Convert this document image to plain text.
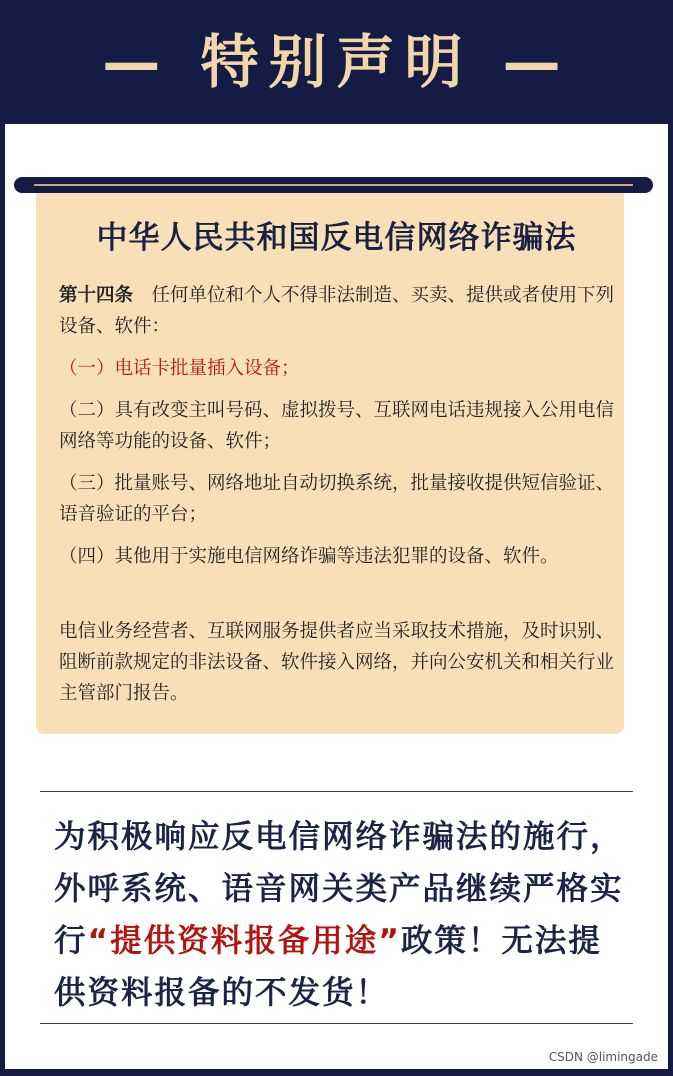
— 特别声明 —
中华人民共和国反电信网络诈骗法

第十四条　 任何单位和个人不得非法制造、买卖、提供或者使用下列设备、软件：

（一）电话卡批量插入设备；

（二）具有改变主叫号码、虚拟拨号、互联网电话违规接入公用电信网络等功能的设备、软件；

（三）批量账号、网络地址自动切换系统，批量接收提供短信验证、语音验证的平台；

（四）其他用于实施电信网络诈骗等违法犯罪的设备、软件。

电信业务经营者、互联网服务提供者应当采取技术措施，及时识别、阻断前款规定的非法设备、软件接入网络，并向公安机关和相关行业主管部门报告。

为积极响应反电信网络诈骗法的施行，外呼系统、语音网关类产品继续严格实行“提供资料报备用途”政策！无法提供资料报备的不发货！
CSDN @limingade
